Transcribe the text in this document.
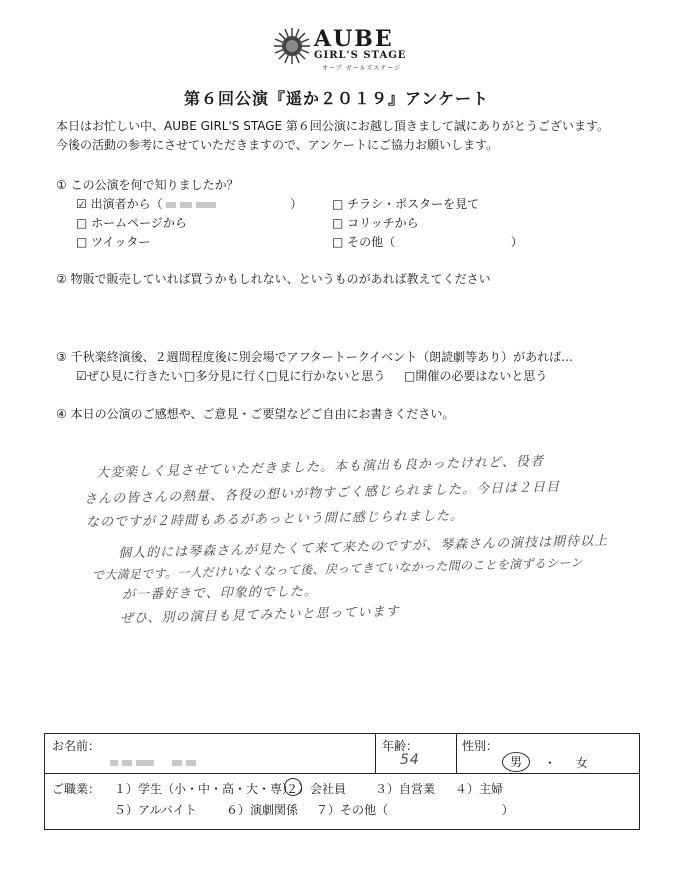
AUBE
GIRL'S STAGE
オーブ ガールズステージ
第６回公演『遥か２０１９』アンケート
本日はお忙しい中、AUBE GIRL'S STAGE 第６回公演にお越し頂きまして誠にありがとうございます。
今後の活動の参考にさせていただきますので、アンケートにご協力お願いします。
① この公演を何で知りましたか？
☑ 出演者から（	） □ チラシ・ポスターを見て
□ ホームページから	□ コリッチから
□ ツイッター	□ その他（	）
② 物販で販売していれば買うかもしれない、というものがあれば教えてください
③ 千秋楽終演後、２週間程度後に別会場でアフタートークイベント（朗読劇等あり）があれば…
☑ぜひ見に行きたい □多分見に行く
□見に行かないと思う □開催の必要はないと思う
④ 本日の公演のご感想や、ご意見・ご要望などご自由にお書きください。
大変楽しく見させていただきました。本も演出も良かったけれど、役者
さんの皆さんの熱量、各役の想いが物すごく感じられました。今日は２日目
なのですが２時間もあるがあっという間に感じられました。
個人的には琴森さんが見たくて来て来たのですが、琴森さんの演技は期待以上
で大満足です。一人だけいなくなって後、戻ってきていなかった間のことを演ずるシーン
が一番好きで、印象的でした。
ぜひ、別の演目も見てみたいと思っています
お名前：	年齢：
54
性別：
男	・ 女
ご職業： １）学生（小・中・高・大・専）
２）会社員 ３）自営業 ４）主婦
５）アルバイト ６）演劇関係 ７）その他（	）
